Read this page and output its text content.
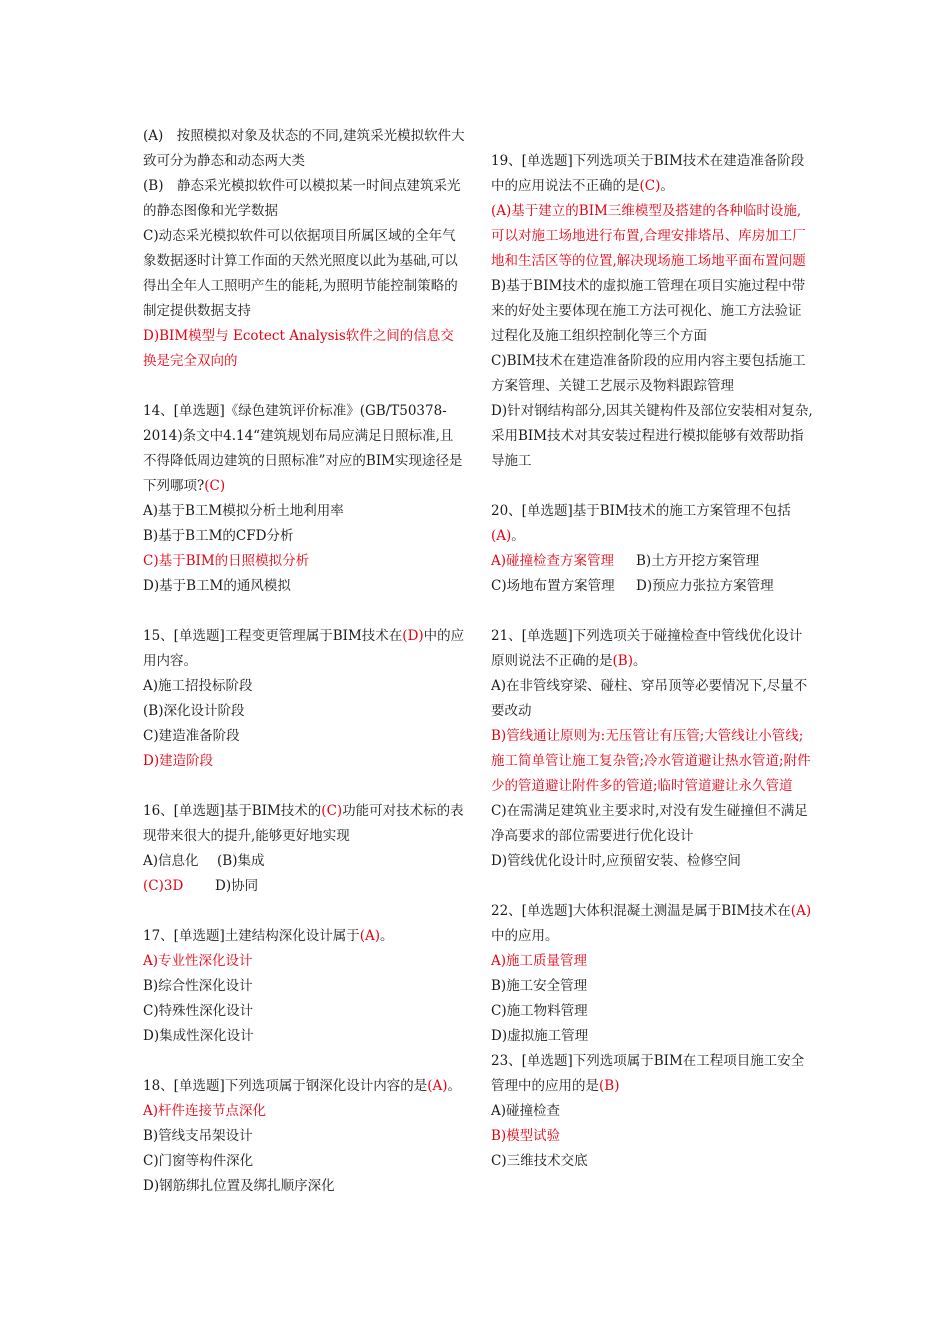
(A)　按照模拟对象及状态的不同,建筑采光模拟软件大致可分为静态和动态两大类

(B)　静态采光模拟软件可以模拟某一时间点建筑采光的静态图像和光学数据

C)动态采光模拟软件可以依据项目所属区域的全年气象数据逐时计算工作面的天然光照度以此为基础,可以得出全年人工照明产生的能耗,为照明节能控制策略的制定提供数据支持

D)BIM模型与 Ecotect Analysis软件之间的信息交换是完全双向的

14、[单选题]《绿色建筑评价标准》(GB/T50378-2014)条文中4.14“建筑规划布局应满足日照标准,且不得降低周边建筑的日照标准”对应的BIM实现途径是下列哪项?(C)

A)基于B工M模拟分析土地利用率

B)基于B工M的CFD分析

C)基于BIM的日照模拟分析

D)基于B工M的通风模拟

15、[单选题]工程变更管理属于BIM技术在(D)中的应用内容。

A)施工招投标阶段

(B)深化设计阶段

C)建造准备阶段

D)建造阶段

16、[单选题]基于BIM技术的(C)功能可对技术标的表现带来很大的提升,能够更好地实现

A)信息化 (B)集成

(C)3D D)协同

17、[单选题]土建结构深化设计属于(A)。

A)专业性深化设计

B)综合性深化设计

C)特殊性深化设计

D)集成性深化设计

18、[单选题]下列选项属于钢深化设计内容的是(A)。

A)杆件连接节点深化

B)管线支吊架设计

C)门窗等构件深化

D)钢筋绑扎位置及绑扎顺序深化

19、[单选题]下列选项关于BIM技术在建造准备阶段中的应用说法不正确的是(C)。

(A)基于建立的BIM三维模型及搭建的各种临时设施,可以对施工场地进行布置,合理安排塔吊、库房加工厂地和生活区等的位置,解决现场施工场地平面布置问题

B)基于BIM技术的虚拟施工管理在项目实施过程中带来的好处主要体现在施工方法可视化、施工方法验证过程化及施工组织控制化等三个方面

C)BIM技术在建造准备阶段的应用内容主要包括施工方案管理、关键工艺展示及物料跟踪管理

D)针对钢结构部分,因其关键构件及部位安装相对复杂,采用BIM技术对其安装过程进行模拟能够有效帮助指导施工

20、[单选题]基于BIM技术的施工方案管理不包括(A)。

A)碰撞检查方案管理 B)土方开挖方案管理

C)场地布置方案管理 D)预应力张拉方案管理

21、[单选题]下列选项关于碰撞检查中管线优化设计原则说法不正确的是(B)。

A)在非管线穿梁、碰柱、穿吊顶等必要情况下,尽量不要改动

B)管线通让原则为:无压管让有压管;大管线让小管线;施工简单管让施工复杂管;冷水管道避让热水管道;附件少的管道避让附件多的管道;临时管道避让永久管道

C)在需满足建筑业主要求时,对没有发生碰撞但不满足净高要求的部位需要进行优化设计

D)管线优化设计时,应预留安装、检修空间

22、[单选题]大体积混凝土测温是属于BIM技术在(A)中的应用。

A)施工质量管理

B)施工安全管理

C)施工物料管理

D)虚拟施工管理

23、[单选题]下列选项属于BIM在工程项目施工安全管理中的应用的是(B)

A)碰撞检查

B)模型试验

C)三维技术交底
